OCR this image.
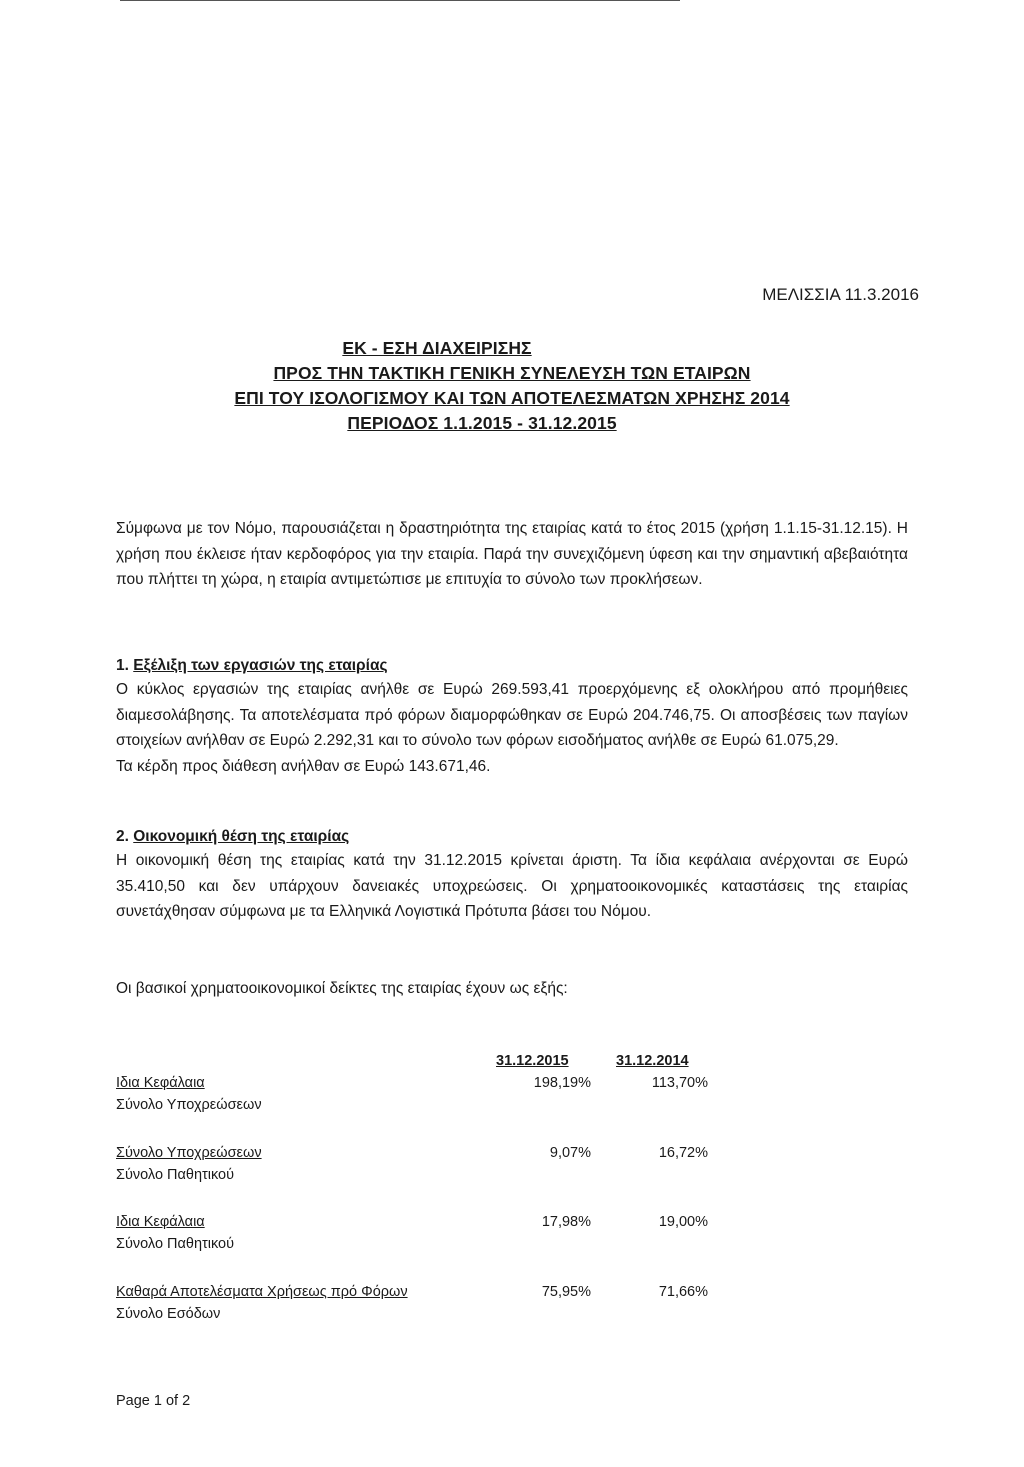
ΜΕΛΙΣΣΙΑ 11.3.2016
ΕΚ - ΕΣΗ ΔΙΑΧΕΙΡΙΣΗΣ
ΠΡΟΣ ΤΗΝ ΤΑΚΤΙΚΗ ΓΕΝΙΚΗ ΣΥΝΕΛΕΥΣΗ ΤΩΝ ΕΤΑΙΡΩΝ
ΕΠΙ ΤΟΥ ΙΣΟΛΟΓΙΣΜΟΥ ΚΑΙ ΤΩΝ ΑΠΟΤΕΛΕΣΜΑΤΩΝ ΧΡΗΣΗΣ 2014
ΠΕΡΙΟΔΟΣ 1.1.2015 - 31.12.2015
Σύμφωνα με τον Νόμο, παρουσιάζεται η δραστηριότητα της εταιρίας κατά το έτος 2015 (χρήση 1.1.15-31.12.15). Η χρήση που έκλεισε ήταν κερδοφόρος για την εταιρία. Παρά την συνεχιζόμενη ύφεση και την σημαντική αβεβαιότητα που πλήττει τη χώρα, η εταιρία αντιμετώπισε με επιτυχία το σύνολο των προκλήσεων.
1. Εξέλιξη των εργασιών της εταιρίας
Ο κύκλος εργασιών της εταιρίας ανήλθε σε Ευρώ 269.593,41 προερχόμενης εξ ολοκλήρου από προμήθειες διαμεσολάβησης. Τα αποτελέσματα πρό φόρων διαμορφώθηκαν σε Ευρώ 204.746,75. Οι αποσβέσεις των παγίων στοιχείων ανήλθαν σε Ευρώ 2.292,31 και το σύνολο των φόρων εισοδήματος ανήλθε σε Ευρώ 61.075,29.
Τα κέρδη προς διάθεση ανήλθαν σε Ευρώ 143.671,46.
2. Οικονομική θέση της εταιρίας
Η οικονομική θέση της εταιρίας κατά την 31.12.2015 κρίνεται άριστη. Τα ίδια κεφάλαια ανέρχονται σε Ευρώ 35.410,50 και δεν υπάρχουν δανειακές υποχρεώσεις. Οι χρηματοοικονομικές καταστάσεις της εταιρίας συνετάχθησαν σύμφωνα με τα Ελληνικά Λογιστικά Πρότυπα βάσει του Νόμου.
Οι βασικοί χρηματοοικονομικοί δείκτες της εταιρίας έχουν ως εξής:
31.12.2015	31.12.2014
Ιδια Κεφάλαια
Σύνολο Υποχρεώσεων
198,19%	113,70%
Σύνολο Υποχρεώσεων
Σύνολο Παθητικού
9,07%	16,72%
Ιδια Κεφάλαια
Σύνολο Παθητικού
17,98%	19,00%
Καθαρά Αποτελέσματα Χρήσεως πρό Φόρων
Σύνολο Εσόδων
75,95%	71,66%
Page 1 of 2
